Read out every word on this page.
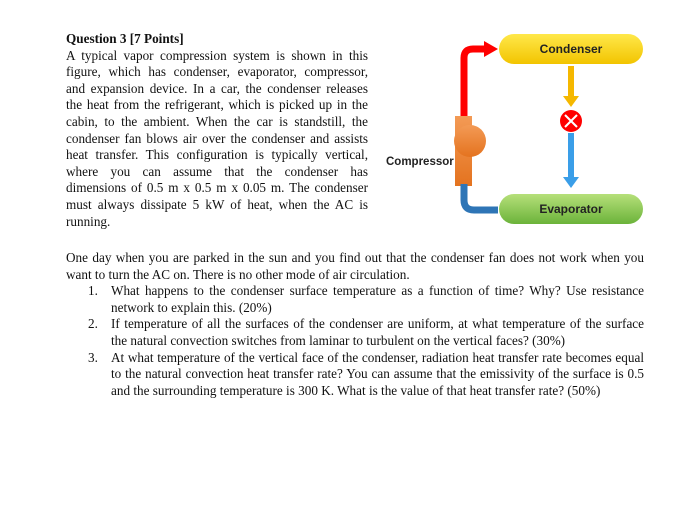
Question 3 [7 Points]
A typical vapor compression system is shown in this figure, which has condenser, evaporator, compressor, and expansion device. In a car, the condenser releases the heat from the refrigerant, which is picked up in the cabin, to the ambient. When the car is standstill, the condenser fan blows air over the condenser and assists heat transfer. This configuration is typically vertical, where you can assume that the condenser has dimensions of 0.5 m x 0.5 m x 0.05 m. The condenser must always dissipate 5 kW of heat, when the AC is running.
Condenser
Evaporator
Compressor

One day when you are parked in the sun and you find out that the condenser fan does not work when you want to turn the AC on. There is no other mode of air circulation.

1. What happens to the condenser surface temperature as a function of time? Why? Use resistance network to explain this. (20%)
2. If temperature of all the surfaces of the condenser are uniform, at what temperature of the surface the natural convection switches from laminar to turbulent on the vertical faces? (30%)
3. At what temperature of the vertical face of the condenser, radiation heat transfer rate becomes equal to the natural convection heat transfer rate? You can assume that the emissivity of the surface is 0.5 and the surrounding temperature is 300 K. What is the value of that heat transfer rate? (50%)
